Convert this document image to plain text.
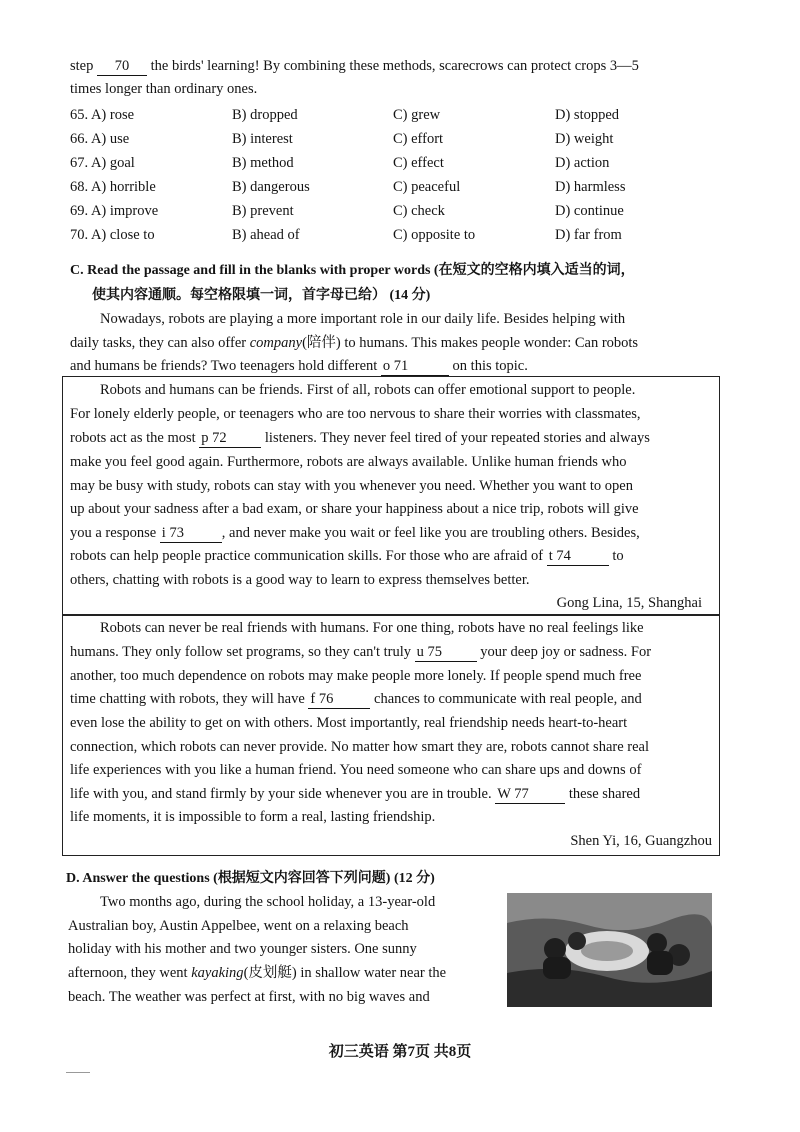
step 70 the birds' learning! By combining these methods, scarecrows can protect crops 3—5
times longer than ordinary ones.
65. A) rose	B) dropped	C) grew	D) stopped
66. A) use	B) interest	C) effort	D) weight
67. A) goal	B) method	C) effect	D) action
68. A) horrible	B) dangerous	C) peaceful	D) harmless
69. A) improve	B) prevent	C) check	D) continue
70. A) close to	B) ahead of	C) opposite to	D) far from
C. Read the passage and fill in the blanks with proper words (在短文的空格内填入适当的词，
使其内容通顺。每空格限填一词，首字母已给） (14 分)
Nowadays, robots are playing a more important role in our daily life. Besides helping with
daily tasks, they can also offer company(陪伴) to humans. This makes people wonder: Can robots
and humans be friends? Two teenagers hold different o 71	on this topic.
Robots and humans can be friends. First of all, robots can offer emotional support to people.
For lonely elderly people, or teenagers who are too nervous to share their worries with classmates,
robots act as the most p 72 listeners. They never feel tired of your repeated stories and always
make you feel good again. Furthermore, robots are always available. Unlike human friends who
may be busy with study, robots can stay with you whenever you need. Whether you want to open
up about your sadness after a bad exam, or share your happiness about a nice trip, robots will give
you a response i 73	, and never make you wait or feel like you are troubling others. Besides,
robots can help people practice communication skills. For those who are afraid of t 74	to
others, chatting with robots is a good way to learn to express themselves better.
Gong Lina, 15, Shanghai
Robots can never be real friends with humans. For one thing, robots have no real feelings like
humans. They only follow set programs, so they can't truly u 75 your deep joy or sadness. For
another, too much dependence on robots may make people more lonely. If people spend much free
time chatting with robots, they will have f 76	chances to communicate with real people, and
even lose the ability to get on with others. Most importantly, real friendship needs heart-to-heart
connection, which robots can never provide. No matter how smart they are, robots cannot share real
life experiences with you like a human friend. You need someone who can share ups and downs of
life with you, and stand firmly by your side whenever you are in trouble. W 77	these shared
life moments, it is impossible to form a real, lasting friendship.
Shen Yi, 16, Guangzhou
D. Answer the questions (根据短文内容回答下列问题) (12 分)
Two months ago, during the school holiday, a 13-year-old
Australian boy, Austin Appelbee, went on a relaxing beach
holiday with his mother and two younger sisters. One sunny
afternoon, they went kayaking(皮划艇) in shallow water near the
beach. The weather was perfect at first, with no big waves and
初三英语 第7页 共8页
